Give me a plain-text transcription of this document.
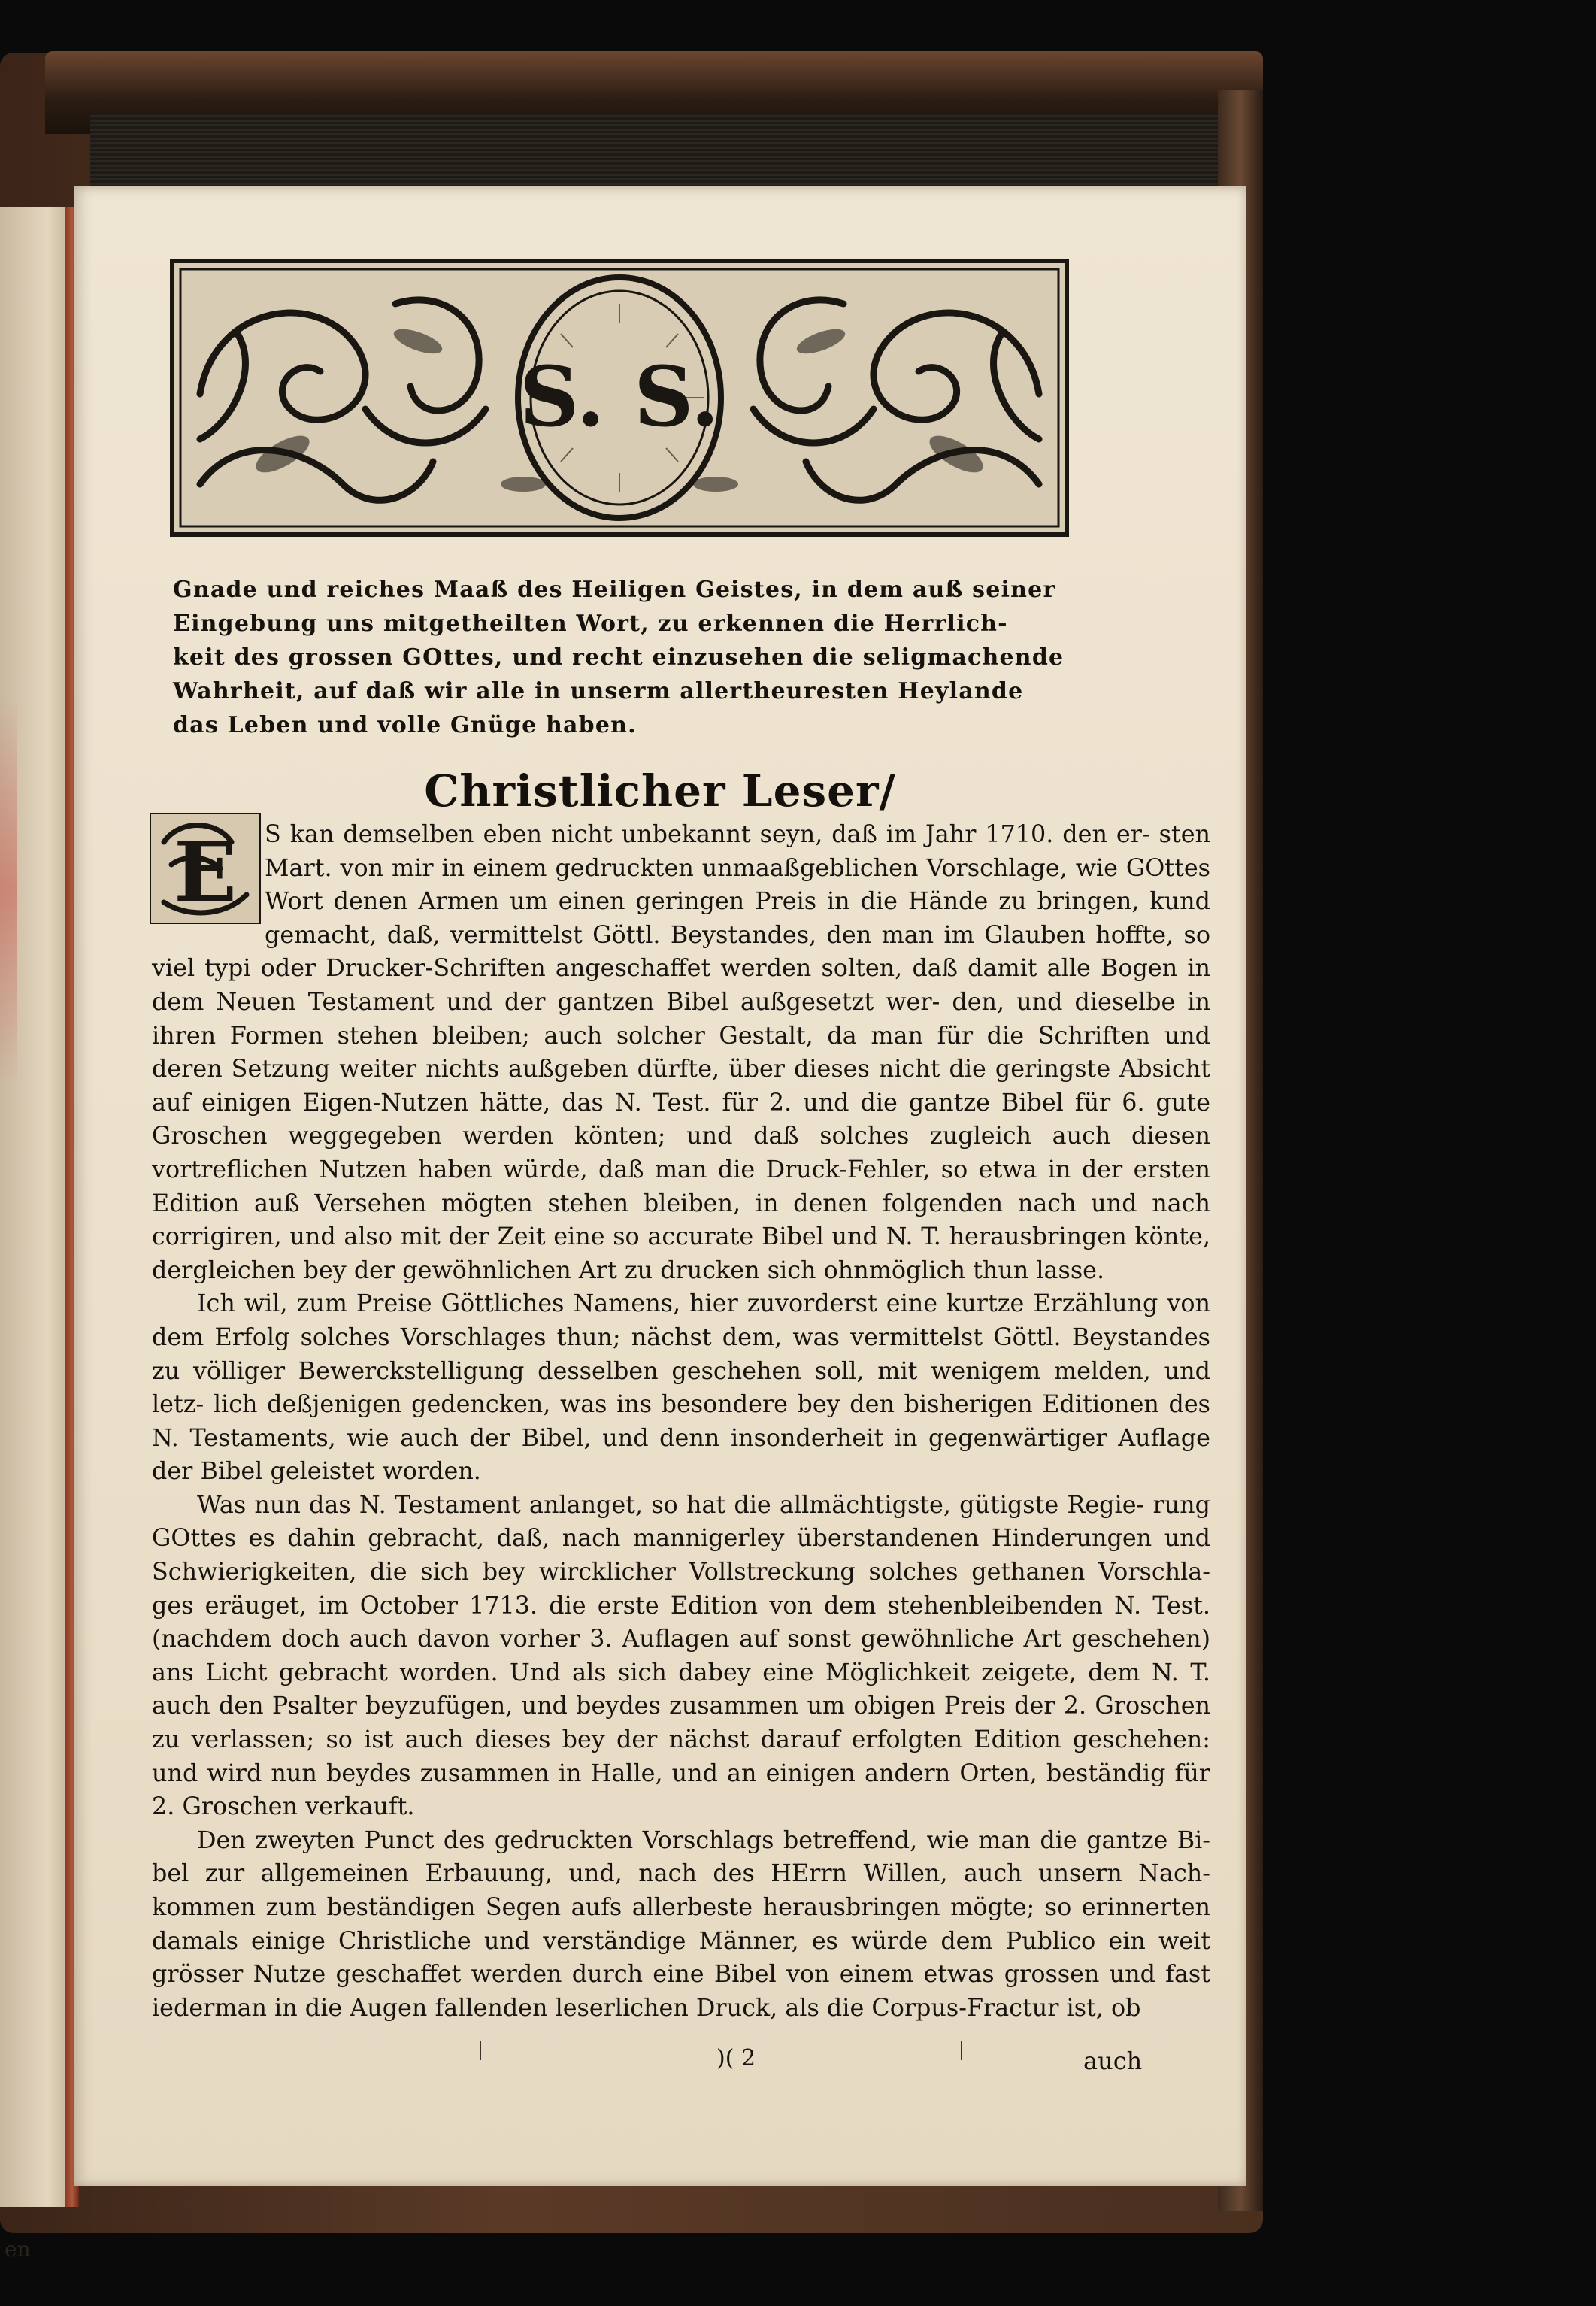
en
S. S.
Gnade und reiches Maaß des Heiligen Geistes, in dem auß seiner
Eingebung uns mitgetheilten Wort, zu erkennen die Herrlich-
keit des grossen GOttes, und recht einzusehen die seligmachende
Wahrheit, auf daß wir alle in unserm allertheuresten Heylande
das Leben und volle Gnüge haben.
Christlicher Leser/
E	S kan demselben eben nicht unbekannt seyn, daß im Jahr 1710. den er- sten Mart. von mir in einem gedruckten unmaaßgeblichen Vorschlage, wie GOttes Wort denen Armen um einen geringen Preis in die Hände zu bringen, kund gemacht, daß, vermittelst Göttl. Beystandes, den man im Glauben hoffte, so viel typi oder Drucker-Schriften angeschaffet werden solten, daß damit alle Bogen in dem Neuen Testament und der gantzen Bibel außgesetzt wer- den, und dieselbe in ihren Formen stehen bleiben; auch solcher Gestalt, da man für die Schriften und deren Setzung weiter nichts außgeben dürfte, über dieses nicht die geringste Absicht auf einigen Eigen-Nutzen hätte, das N. Test. für 2. und die gantze Bibel für 6. gute Groschen weggegeben werden könten; und daß solches zugleich auch diesen vortreflichen Nutzen haben würde, daß man die Druck-Fehler, so etwa in der ersten Edition auß Versehen mögten stehen bleiben, in denen folgenden nach und nach corrigiren, und also mit der Zeit eine so accurate Bibel und N. T. herausbringen könte, dergleichen bey der gewöhnlichen Art zu drucken sich ohnmöglich thun lasse.

Ich wil, zum Preise Göttliches Namens, hier zuvorderst eine kurtze Erzählung von dem Erfolg solches Vorschlages thun; nächst dem, was vermittelst Göttl. Beystandes zu völliger Bewerckstelligung desselben geschehen soll, mit wenigem melden, und letz- lich deßjenigen gedencken, was ins besondere bey den bisherigen Editionen des N. Testaments, wie auch der Bibel, und denn insonderheit in gegenwärtiger Auflage der Bibel geleistet worden.

Was nun das N. Testament anlanget, so hat die allmächtigste, gütigste Regie- rung GOttes es dahin gebracht, daß, nach mannigerley überstandenen Hinderungen und Schwierigkeiten, die sich bey wircklicher Vollstreckung solches gethanen Vorschla- ges eräuget, im October 1713. die erste Edition von dem stehenbleibenden N. Test. (nachdem doch auch davon vorher 3. Auflagen auf sonst gewöhnliche Art geschehen) ans Licht gebracht worden. Und als sich dabey eine Möglichkeit zeigete, dem N. T. auch den Psalter beyzufügen, und beydes zusammen um obigen Preis der 2. Groschen zu verlassen; so ist auch dieses bey der nächst darauf erfolgten Edition geschehen: und wird nun beydes zusammen in Halle, und an einigen andern Orten, beständig für 2. Groschen verkauft.

Den zweyten Punct des gedruckten Vorschlags betreffend, wie man die gantze Bi- bel zur allgemeinen Erbauung, und, nach des HErrn Willen, auch unsern Nach- kommen zum beständigen Segen aufs allerbeste herausbringen mögte; so erinnerten damals einige Christliche und verständige Männer, es würde dem Publico ein weit grösser Nutze geschaffet werden durch eine Bibel von einem etwas grossen und fast iederman in die Augen fallenden leserlichen Druck, als die Corpus-Fractur ist, ob

)( 2	auch
